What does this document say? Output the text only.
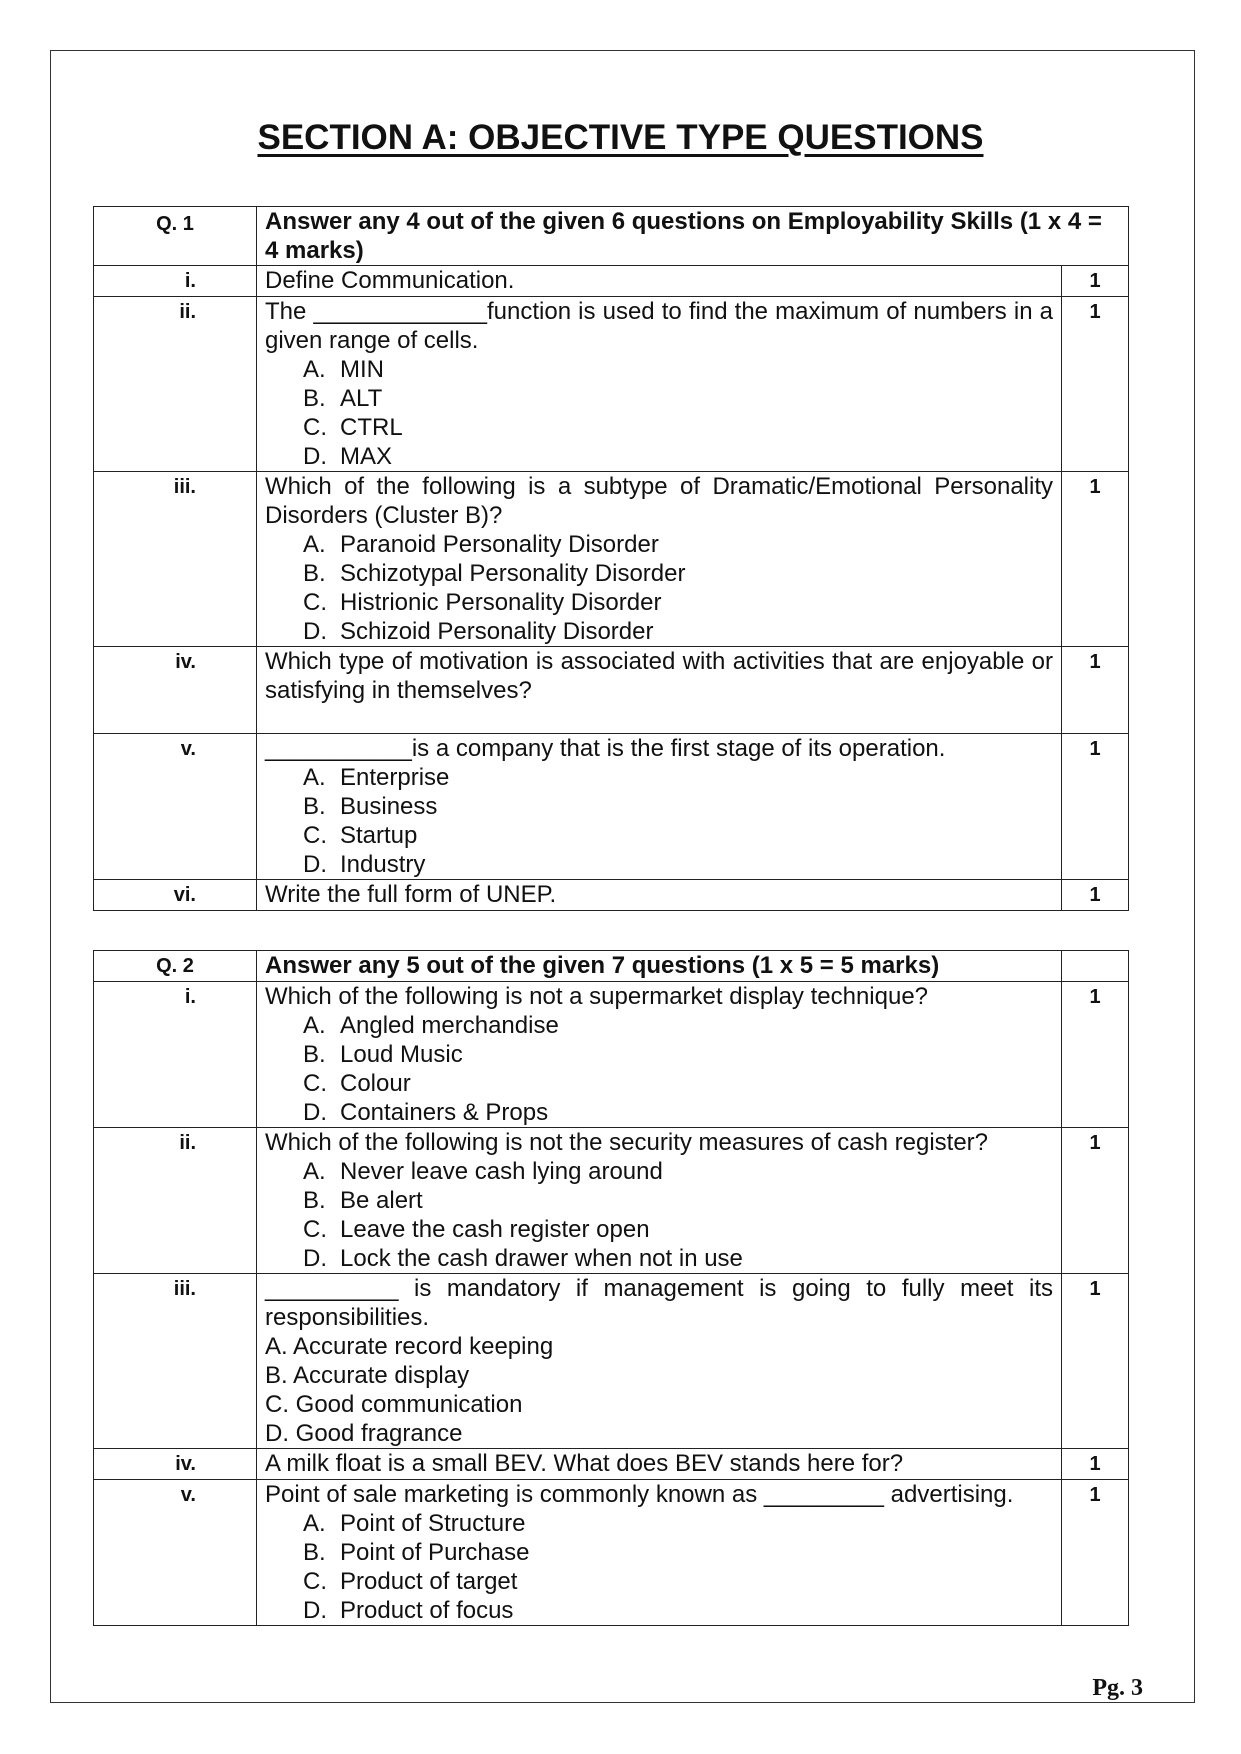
SECTION A: OBJECTIVE TYPE QUESTIONS
Q. 1	Answer any 4 out of the given 6 questions on Employability Skills (1 x 4 = 4 marks)	
i.	Define Communication.	1
ii.	The _____________function is used to find the maximum of numbers in a given range of cells.
A. MIN
B. ALT
C. CTRL
D. MAX	1
iii.	Which of the following is a subtype of Dramatic/Emotional Personality Disorders (Cluster B)?
A. Paranoid Personality Disorder
B. Schizotypal Personality Disorder
C. Histrionic Personality Disorder
D. Schizoid Personality Disorder	1
iv.	Which type of motivation is associated with activities that are enjoyable or satisfying in themselves?	1
v.	___________is a company that is the first stage of its operation.
A. Enterprise
B. Business
C. Startup
D. Industry	1
vi.	Write the full form of UNEP.	1
Q. 2	Answer any 5 out of the given 7 questions (1 x 5 = 5 marks)	
i.	Which of the following is not a supermarket display technique?
A. Angled merchandise
B. Loud Music
C. Colour
D. Containers & Props	1
ii.	Which of the following is not the security measures of cash register?
A. Never leave cash lying around
B. Be alert
C. Leave the cash register open
D. Lock the cash drawer when not in use	1
iii.	__________ is mandatory if management is going to fully meet its responsibilities.
A. Accurate record keeping
B. Accurate display
C. Good communication
D. Good fragrance	1
iv.	A milk float is a small BEV. What does BEV stands here for?	1
v.	Point of sale marketing is commonly known as _________ advertising.
A. Point of Structure
B. Point of Purchase
C. Product of target
D. Product of focus	1
Pg. 3
